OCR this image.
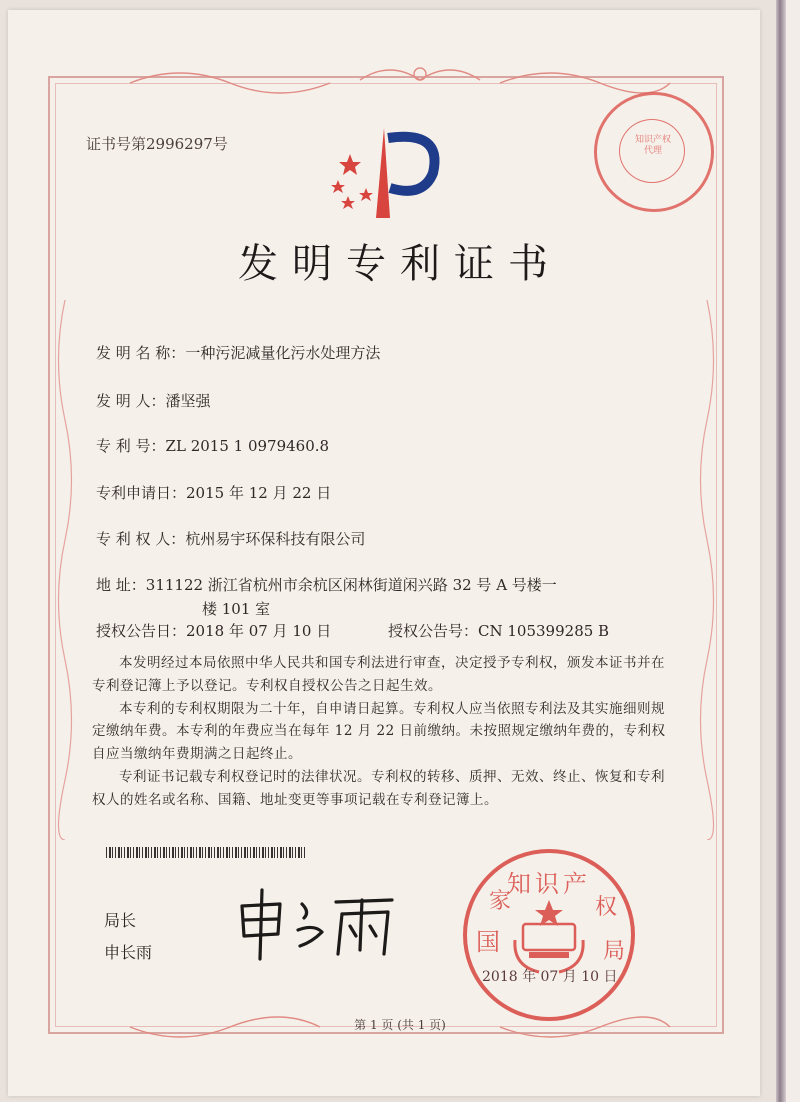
证书号第2996297号	知识产权
代理
发明专利证书
发 明 名 称：一种污泥减量化污水处理方法
发 明 人：潘坚强
专 利 号：ZL 2015 1 0979460.8
专利申请日：2015 年 12 月 22 日
专 利 权 人：杭州易宇环保科技有限公司
地 址：311122 浙江省杭州市余杭区闲林街道闲兴路 32 号 A 号楼一
楼 101 室
授权公告日：2018 年 07 月 10 日	授权公告号：CN 105399285 B

本发明经过本局依照中华人民共和国专利法进行审查，决定授予专利权，颁发本证书并在专利登记簿上予以登记。专利权自授权公告之日起生效。

本专利的专利权期限为二十年，自申请日起算。专利权人应当依照专利法及其实施细则规定缴纳年费。本专利的年费应当在每年 12 月 22 日前缴纳。未按照规定缴纳年费的，专利权自应当缴纳年费期满之日起终止。

专利证书记载专利权登记时的法律状况。专利权的转移、质押、无效、终止、恢复和专利权人的姓名或名称、国籍、地址变更等事项记载在专利登记簿上。

局长
申长雨
知识产
国
家	权
局
2018 年 07 月 10 日
第 1 页 (共 1 页)
